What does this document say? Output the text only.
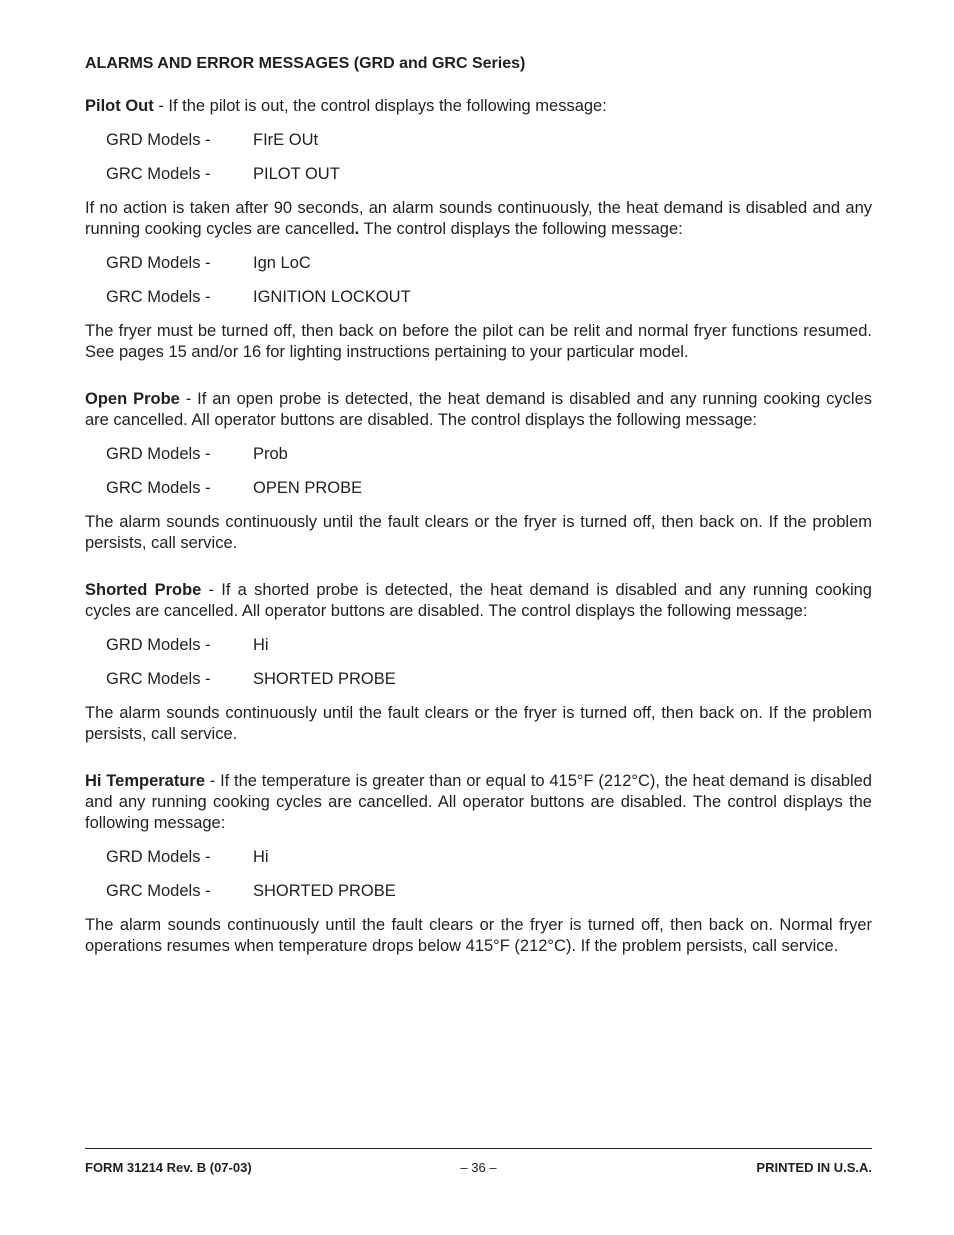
ALARMS AND ERROR MESSAGES (GRD and GRC Series)

Pilot Out - If the pilot is out, the control displays the following message:

GRD Models -	FIrE OUt
GRC Models -	PILOT OUT

If no action is taken after 90 seconds, an alarm sounds continuously, the heat demand is disabled and any running cooking cycles are cancelled. The control displays the following message:

GRD Models -	Ign LoC
GRC Models -	IGNITION LOCKOUT

The fryer must be turned off, then back on before the pilot can be relit and normal fryer functions resumed. See pages 15 and/or 16 for lighting instructions pertaining to your particular model.

Open Probe - If an open probe is detected, the heat demand is disabled and any running cooking cycles are cancelled. All operator buttons are disabled. The control displays the following message:

GRD Models -	Prob
GRC Models -	OPEN PROBE

The alarm sounds continuously until the fault clears or the fryer is turned off, then back on. If the problem persists, call service.

Shorted Probe - If a shorted probe is detected, the heat demand is disabled and any running cooking cycles are cancelled. All operator buttons are disabled. The control displays the following message:

GRD Models -	Hi
GRC Models -	SHORTED PROBE

The alarm sounds continuously until the fault clears or the fryer is turned off, then back on. If the problem persists, call service.

Hi Temperature - If the temperature is greater than or equal to 415°F (212°C), the heat demand is disabled and any running cooking cycles are cancelled. All operator buttons are disabled. The control displays the following message:

GRD Models -	Hi
GRC Models -	SHORTED PROBE

The alarm sounds continuously until the fault clears or the fryer is turned off, then back on. Normal fryer operations resumes when temperature drops below 415°F (212°C). If the problem persists, call service.

FORM 31214 Rev. B (07-03)	– 36 –	PRINTED IN U.S.A.
